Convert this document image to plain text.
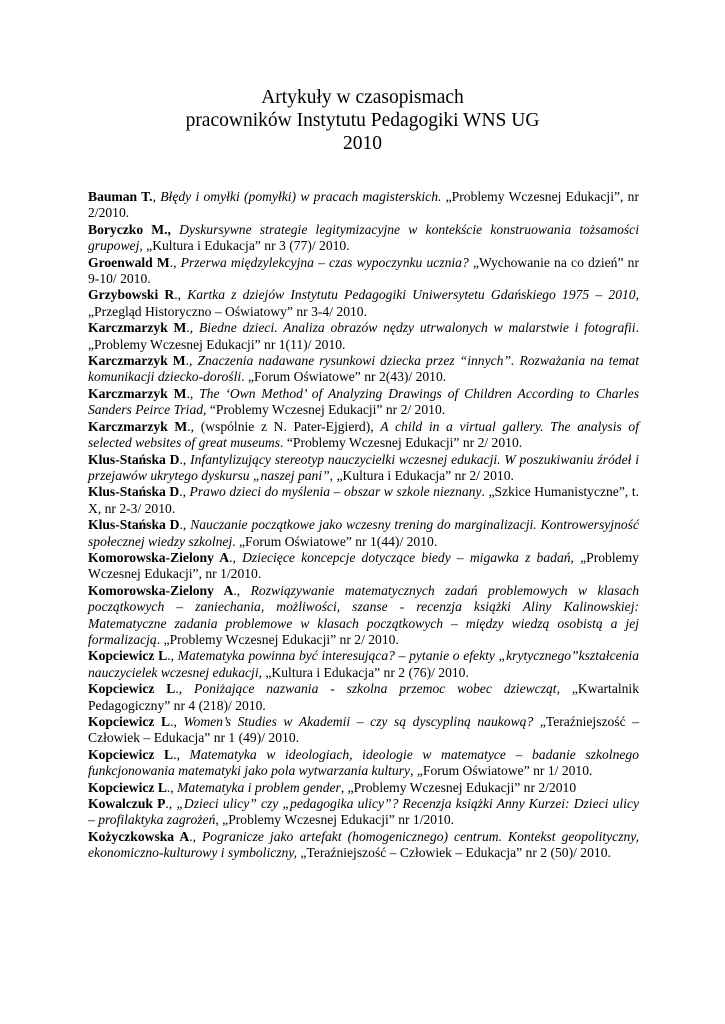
Artykuły w czasopismach
pracowników Instytutu Pedagogiki WNS UG
2010

Bauman T., Błędy i omyłki (pomyłki) w pracach magisterskich. „Problemy Wczesnej Edukacji”, nr 2/2010.

Boryczko M., Dyskursywne strategie legitymizacyjne w kontekście konstruowania tożsamości grupowej, „Kultura i Edukacja” nr 3 (77)/ 2010.

Groenwald M., Przerwa międzylekcyjna – czas wypoczynku ucznia? „Wychowanie na co dzień” nr 9-10/ 2010.

Grzybowski R., Kartka z dziejów Instytutu Pedagogiki Uniwersytetu Gdańskiego 1975 – 2010, „Przegląd Historyczno – Oświatowy” nr 3-4/ 2010.

Karczmarzyk M., Biedne dzieci. Analiza obrazów nędzy utrwalonych w malarstwie i fotografii. „Problemy Wczesnej Edukacji” nr 1(11)/ 2010.

Karczmarzyk M., Znaczenia nadawane rysunkowi dziecka przez “innych”. Rozważania na temat komunikacji dziecko-dorośli. „Forum Oświatowe” nr 2(43)/ 2010.

Karczmarzyk M., The ‘Own Method’ of Analyzing Drawings of Children According to Charles Sanders Peirce Triad, “Problemy Wczesnej Edukacji” nr 2/ 2010.

Karczmarzyk M., (wspólnie z N. Pater-Ejgierd), A child in a virtual gallery. The analysis of selected websites of great museums. “Problemy Wczesnej Edukacji” nr 2/ 2010.

Klus-Stańska D., Infantylizujący stereotyp nauczycielki wczesnej edukacji. W poszukiwaniu źródeł i przejawów ukrytego dyskursu „naszej pani”, „Kultura i Edukacja” nr 2/ 2010.

Klus-Stańska D., Prawo dzieci do myślenia – obszar w szkole nieznany. „Szkice Humanistyczne”, t. X, nr 2-3/ 2010.

Klus-Stańska D., Nauczanie początkowe jako wczesny trening do marginalizacji. Kontrowersyjność społecznej wiedzy szkolnej. „Forum Oświatowe” nr 1(44)/ 2010.

Komorowska-Zielony A., Dziecięce koncepcje dotyczące biedy – migawka z badań, „Problemy Wczesnej Edukacji”, nr 1/2010.

Komorowska-Zielony A., Rozwiązywanie matematycznych zadań problemowych w klasach początkowych – zaniechania, możliwości, szanse - recenzja książki Aliny Kalinowskiej: Matematyczne zadania problemowe w klasach początkowych – między wiedzą osobistą a jej formalizacją. „Problemy Wczesnej Edukacji” nr 2/ 2010.

Kopciewicz L., Matematyka powinna być interesująca? – pytanie o efekty „krytycznego”kształcenia nauczycielek wczesnej edukacji, „Kultura i Edukacja” nr 2 (76)/ 2010.

Kopciewicz L., Poniżające nazwania - szkolna przemoc wobec dziewcząt, „Kwartalnik Pedagogiczny” nr 4 (218)/ 2010.

Kopciewicz L., Women’s Studies w Akademii – czy są dyscypliną naukową? „Teraźniejszość – Człowiek – Edukacja” nr 1 (49)/ 2010.

Kopciewicz L., Matematyka w ideologiach, ideologie w matematyce – badanie szkolnego funkcjonowania matematyki jako pola wytwarzania kultury, „Forum Oświatowe” nr 1/ 2010.

Kopciewicz L., Matematyka i problem gender, „Problemy Wczesnej Edukacji” nr 2/2010

Kowalczuk P., „Dzieci ulicy” czy „pedagogika ulicy”? Recenzja książki Anny Kurzei: Dzieci ulicy – profilaktyka zagrożeń, „Problemy Wczesnej Edukacji” nr 1/2010.

Kożyczkowska A., Pogranicze jako artefakt (homogenicznego) centrum. Kontekst geopolityczny, ekonomiczno-kulturowy i symboliczny, „Teraźniejszość – Człowiek – Edukacja” nr 2 (50)/ 2010.
